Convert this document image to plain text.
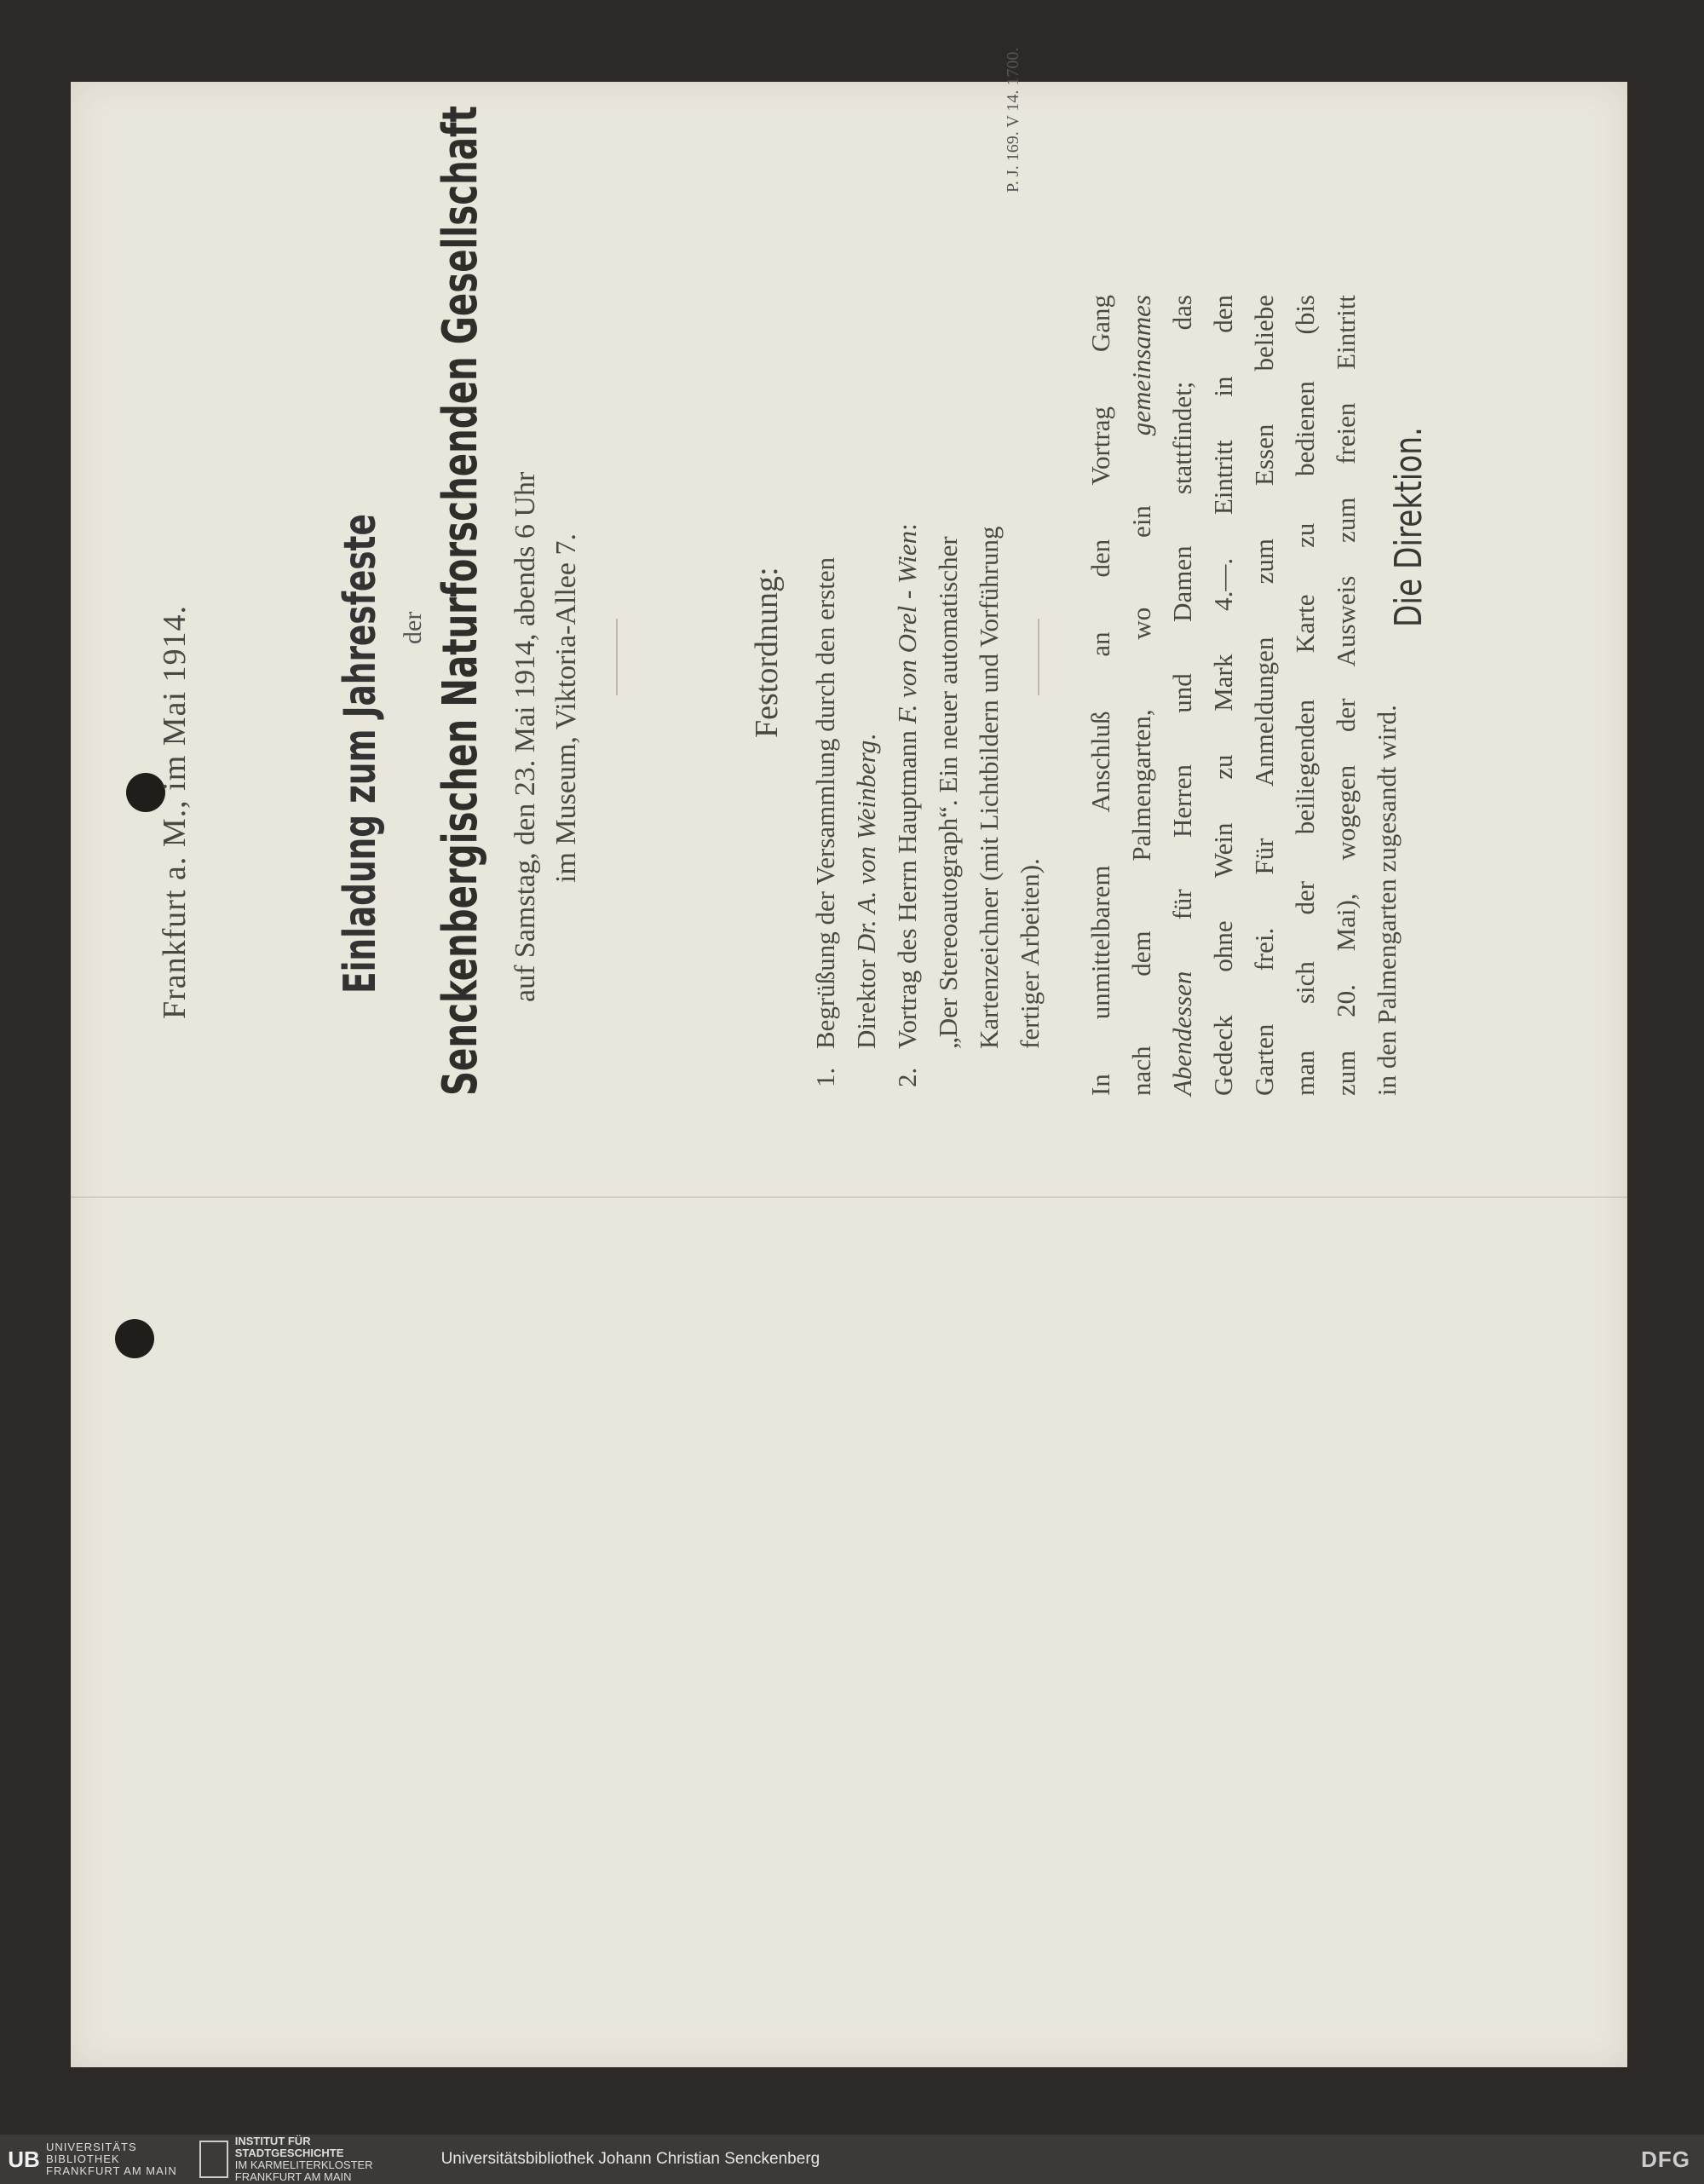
Frankfurt a. M., im Mai 1914.	Einladung zum Jahresfeste der Senckenbergischen Naturforschenden Gesellschaft auf Samstag, den 23. Mai 1914, abends 6 Uhr im Museum, Viktoria-Allee 7.	Festordnung:
1.
Begrüßung der Versammlung durch den ersten Direktor Dr. A. von Weinberg.
2.
Vortrag des Herrn Hauptmann F. von Orel - Wien:
„Der Stereoautograph“. Ein neuer automatischer Kartenzeichner (mit Lichtbildern und Vorführung fertiger Arbeiten). In unmittelbarem Anschluß an den Vortrag Gang nach dem Palmengarten, wo ein gemeinsames
Abendessen für Herren und Damen stattfindet; das Gedeck ohne Wein zu Mark 4.—. Eintritt in den Garten frei. Für Anmeldungen zum Essen beliebe man sich der beiliegenden Karte zu bedienen (bis zum 20. Mai), wogegen der Ausweis zum freien Eintritt in den Palmengarten zugesandt wird.
Die Direktion.
P. J. 169. V 14. 1700.
UB UNIVERSITÄTS
BIBLIOTHEK
FRANKFURT AM MAIN
INSTITUT FÜR
STADTGESCHICHTE
IM KARMELITERKLOSTER
FRANKFURT AM MAIN
Universitätsbibliothek Johann Christian Senckenberg	DFG
